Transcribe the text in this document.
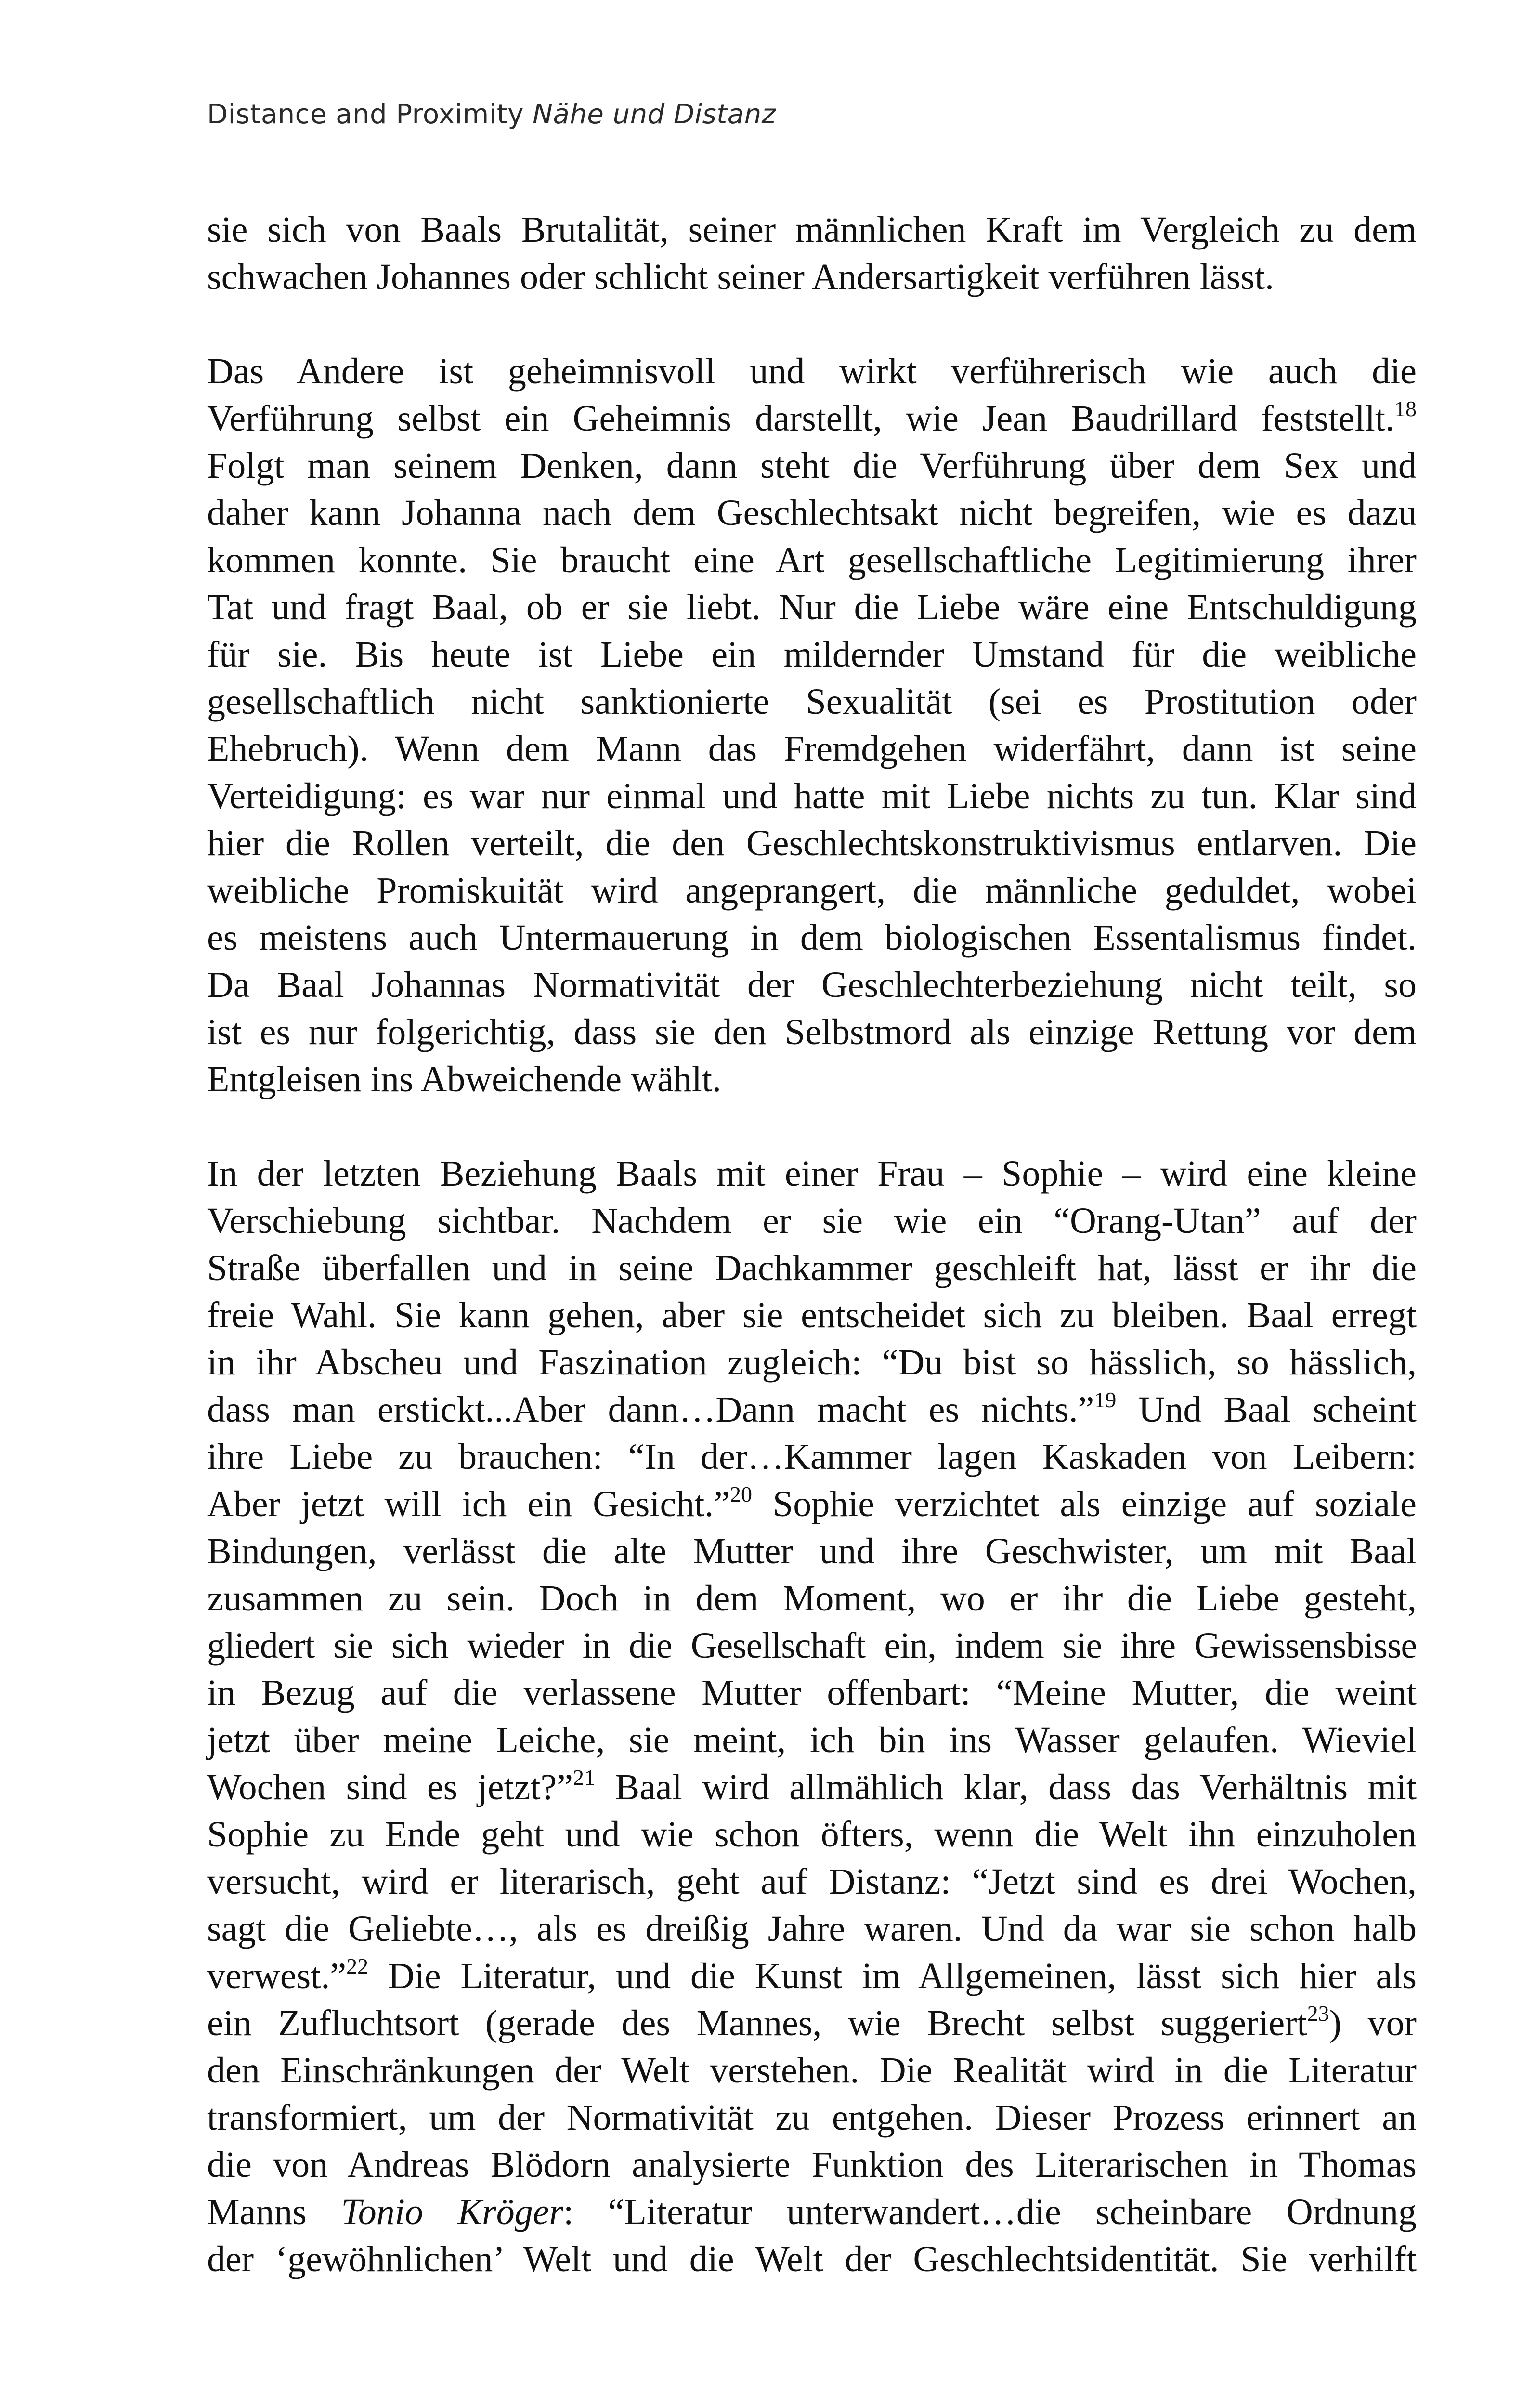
Distance and Proximity Nähe und Distanz
sie sich von Baals Brutalität, seiner männlichen Kraft im Vergleich zu dem
schwachen Johannes oder schlicht seiner Andersartigkeit verführen lässt.
Das Andere ist geheimnisvoll und wirkt verführerisch wie auch die
Verführung selbst ein Geheimnis darstellt, wie Jean Baudrillard feststellt.$^{18}$
Folgt man seinem Denken, dann steht die Verführung über dem Sex und
daher kann Johanna nach dem Geschlechtsakt nicht begreifen, wie es dazu
kommen konnte. Sie braucht eine Art gesellschaftliche Legitimierung ihrer
Tat und fragt Baal, ob er sie liebt. Nur die Liebe wäre eine Entschuldigung
für sie. Bis heute ist Liebe ein mildernder Umstand für die weibliche
gesellschaftlich nicht sanktionierte Sexualität (sei es Prostitution oder
Ehebruch). Wenn dem Mann das Fremdgehen widerfährt, dann ist seine
Verteidigung: es war nur einmal und hatte mit Liebe nichts zu tun. Klar sind
hier die Rollen verteilt, die den Geschlechtskonstruktivismus entlarven. Die
weibliche Promiskuität wird angeprangert, die männliche geduldet, wobei
es meistens auch Untermauerung in dem biologischen Essentalismus findet.
Da Baal Johannas Normativität der Geschlechterbeziehung nicht teilt, so
ist es nur folgerichtig, dass sie den Selbstmord als einzige Rettung vor dem
Entgleisen ins Abweichende wählt.
In der letzten Beziehung Baals mit einer Frau – Sophie – wird eine kleine
Verschiebung sichtbar. Nachdem er sie wie ein “Orang-Utan” auf der
Straße überfallen und in seine Dachkammer geschleift hat, lässt er ihr die
freie Wahl. Sie kann gehen, aber sie entscheidet sich zu bleiben. Baal erregt
in ihr Abscheu und Faszination zugleich: “Du bist so hässlich, so hässlich,
dass man erstickt...Aber dann…Dann macht es nichts.”$^{19}$ Und Baal scheint
ihre Liebe zu brauchen: “In der…Kammer lagen Kaskaden von Leibern:
Aber jetzt will ich ein Gesicht.”$^{20}$ Sophie verzichtet als einzige auf soziale
Bindungen, verlässt die alte Mutter und ihre Geschwister, um mit Baal
zusammen zu sein. Doch in dem Moment, wo er ihr die Liebe gesteht,
gliedert sie sich wieder in die Gesellschaft ein, indem sie ihre Gewissensbisse
in Bezug auf die verlassene Mutter offenbart: “Meine Mutter, die weint
jetzt über meine Leiche, sie meint, ich bin ins Wasser gelaufen. Wieviel
Wochen sind es jetzt?”$^{21}$ Baal wird allmählich klar, dass das Verhältnis mit
Sophie zu Ende geht und wie schon öfters, wenn die Welt ihn einzuholen
versucht, wird er literarisch, geht auf Distanz: “Jetzt sind es drei Wochen,
sagt die Geliebte…, als es dreißig Jahre waren. Und da war sie schon halb
verwest.”$^{22}$ Die Literatur, und die Kunst im Allgemeinen, lässt sich hier als
ein Zufluchtsort (gerade des Mannes, wie Brecht selbst suggeriert$^{23}$) vor
den Einschränkungen der Welt verstehen. Die Realität wird in die Literatur
transformiert, um der Normativität zu entgehen. Dieser Prozess erinnert an
die von Andreas Blödorn analysierte Funktion des Literarischen in Thomas
Manns Tonio Kröger: “Literatur unterwandert…die scheinbare Ordnung
der ‘gewöhnlichen’ Welt und die Welt der Geschlechtsidentität. Sie verhilft
